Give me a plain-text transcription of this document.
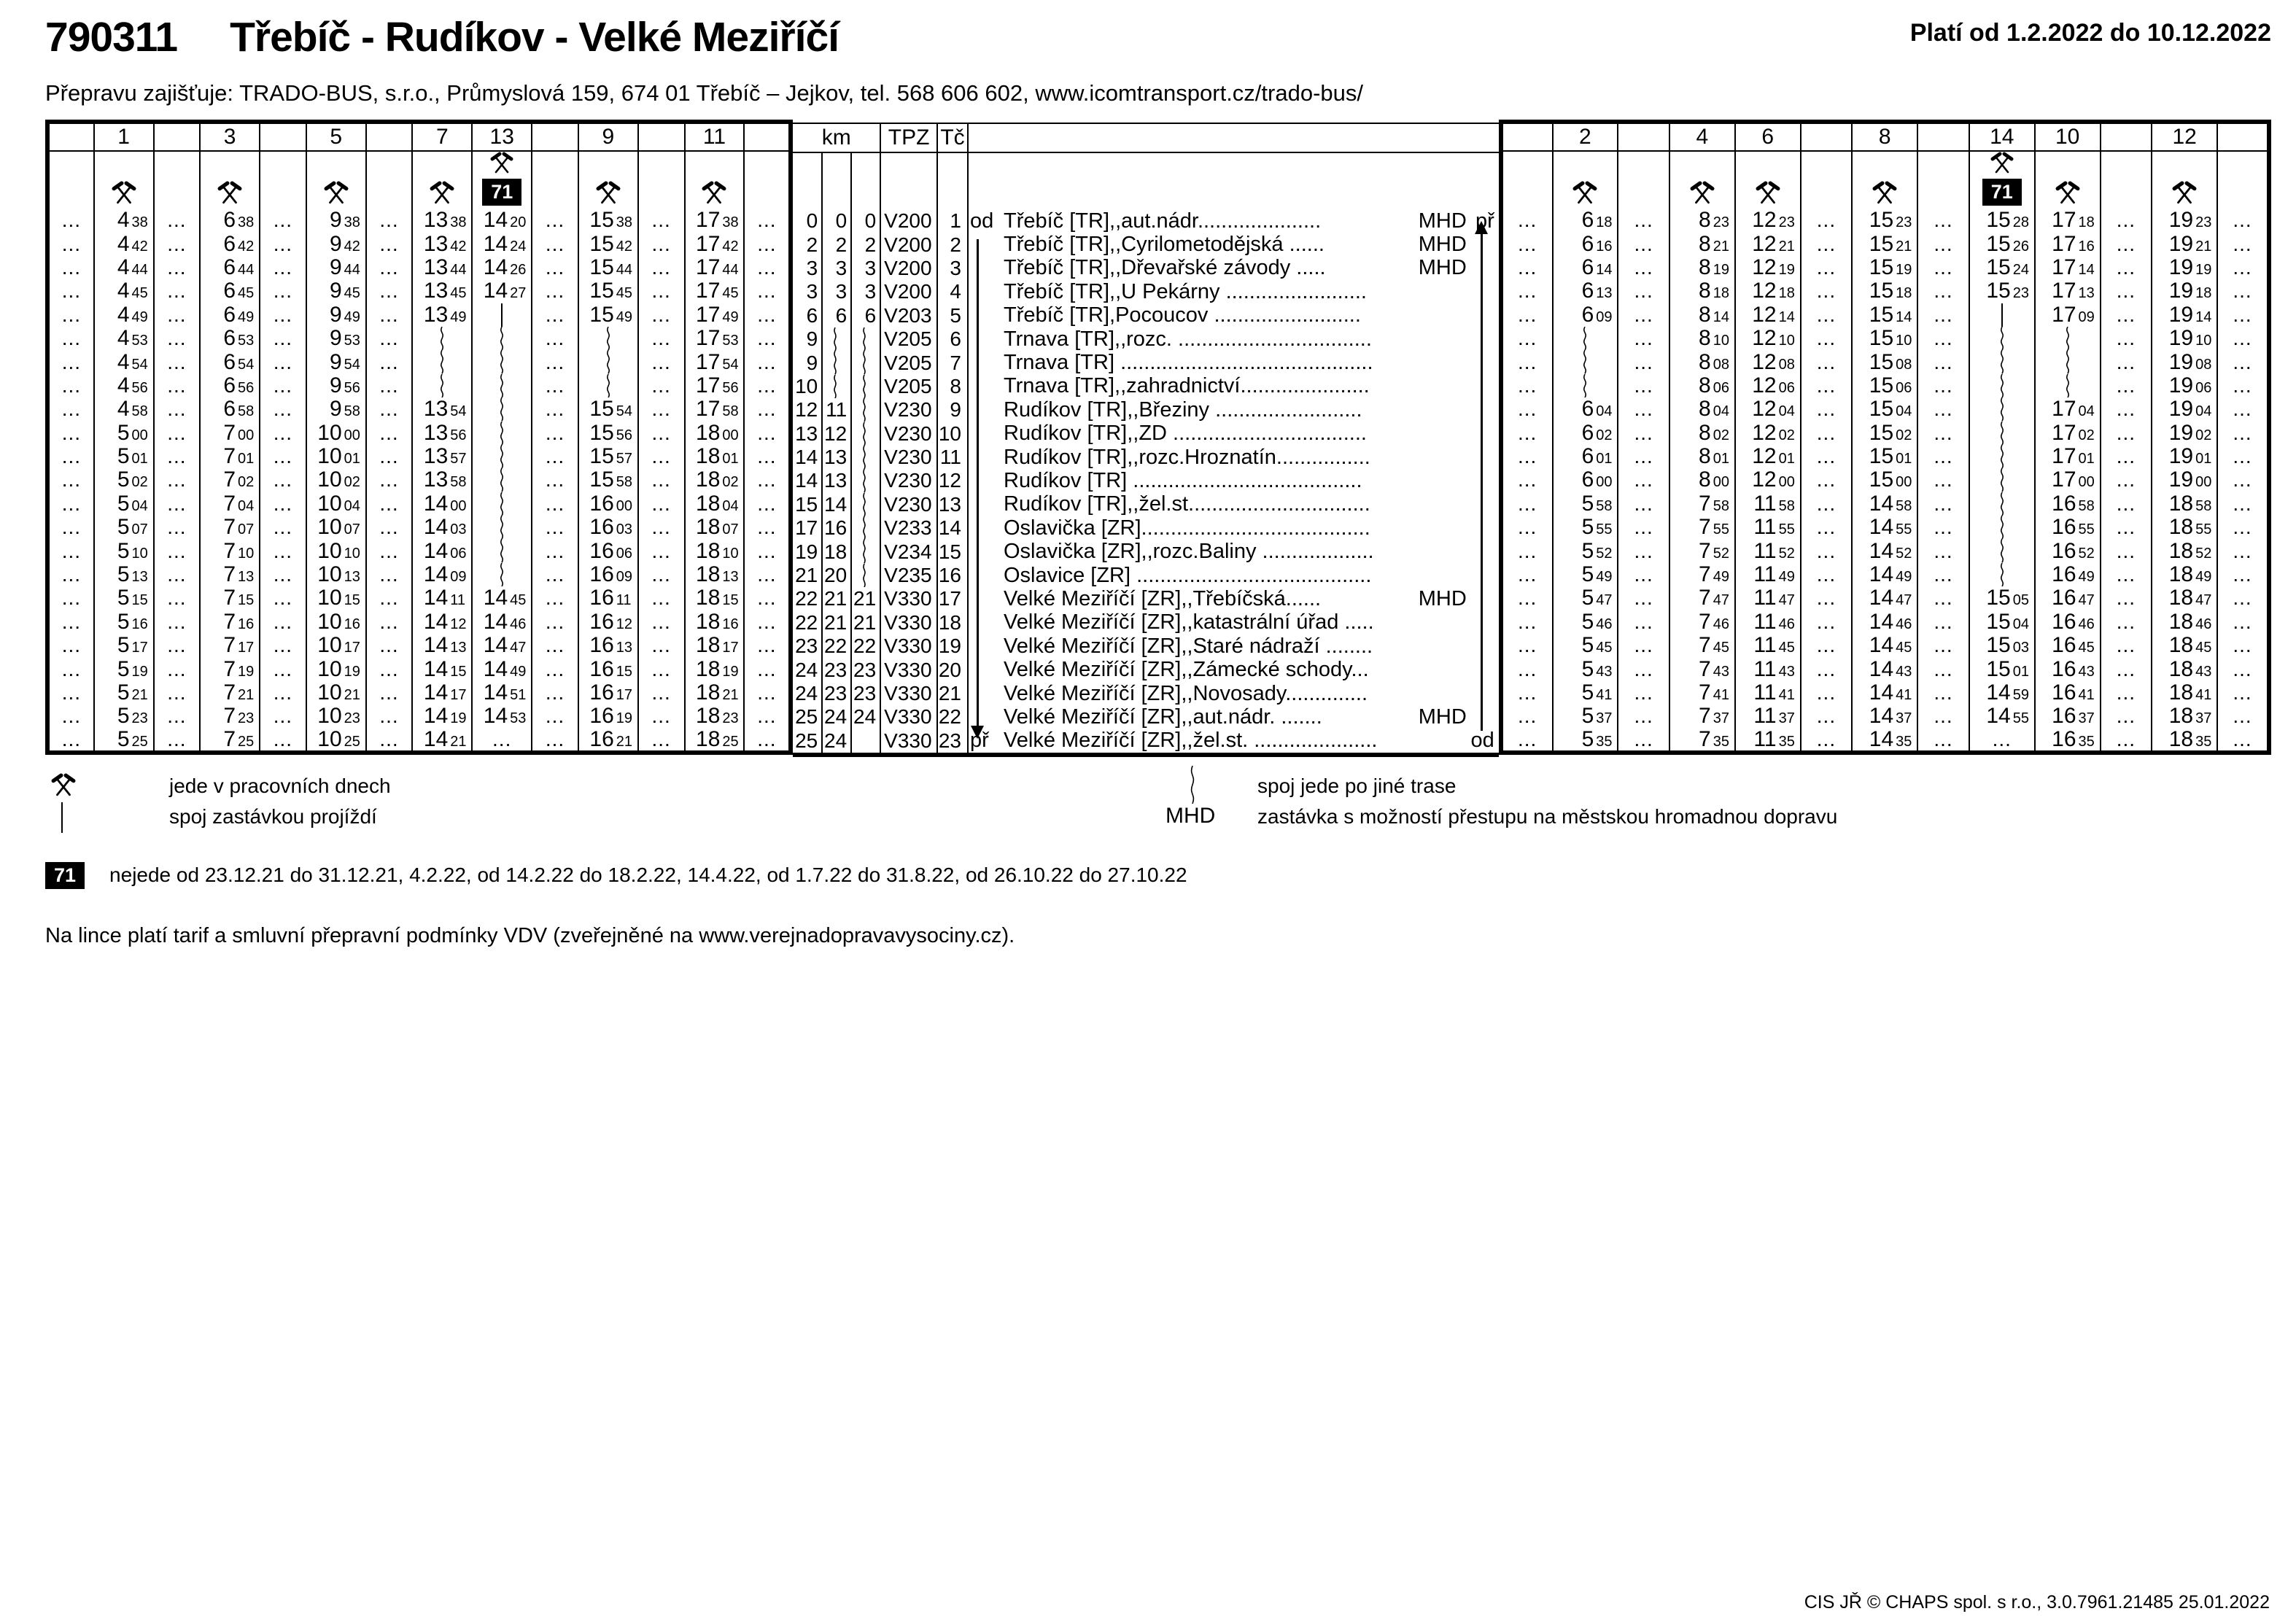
790311 Třebíč - Rudíkov - Velké Meziříčí	Platí od 1.2.2022 do 10.12.2022
Přepravu zajišťuje: TRADO-BUS, s.r.o., Průmyslová 159, 674 01 Třebíč – Jejkov, tel. 568 606 602, www.icomtransport.cz/trado-bus/
	1		3		5		7	13		9		11	

71

...	4 38	...	6 38	...	9 38	...	13 38	14 20	...	15 38	...	17 38	...

...	4 42	...	6 42	...	9 42	...	13 42	14 24	...	15 42	...	17 42	...

...	4 44	...	6 44	...	9 44	...	13 44	14 26	...	15 44	...	17 44	...

...	4 45	...	6 45	...	9 45	...	13 45	14 27	...	15 45	...	17 45	...

...	4 49	...	6 49	...	9 49	...	13 49		...	15 49	...	17 49	...

...	4 53	...	6 53	...	9 53	...			...		...	17 53	...

...	4 54	...	6 54	...	9 54	...			...		...	17 54	...

...	4 56	...	6 56	...	9 56	...			...		...	17 56	...

...	4 58	...	6 58	...	9 58	...	13 54		...	15 54	...	17 58	...

...	5 00	...	7 00	...	10 00	...	13 56		...	15 56	...	18 00	...

...	5 01	...	7 01	...	10 01	...	13 57		...	15 57	...	18 01	...

...	5 02	...	7 02	...	10 02	...	13 58		...	15 58	...	18 02	...

...	5 04	...	7 04	...	10 04	...	14 00		...	16 00	...	18 04	...

...	5 07	...	7 07	...	10 07	...	14 03		...	16 03	...	18 07	...

...	5 10	...	7 10	...	10 10	...	14 06		...	16 06	...	18 10	...

...	5 13	...	7 13	...	10 13	...	14 09		...	16 09	...	18 13	...

...	5 15	...	7 15	...	10 15	...	14 11	14 45	...	16 11	...	18 15	...

...	5 16	...	7 16	...	10 16	...	14 12	14 46	...	16 12	...	18 16	...

...	5 17	...	7 17	...	10 17	...	14 13	14 47	...	16 13	...	18 17	...

...	5 19	...	7 19	...	10 19	...	14 15	14 49	...	16 15	...	18 19	...

...	5 21	...	7 21	...	10 21	...	14 17	14 51	...	16 17	...	18 21	...

...	5 23	...	7 23	...	10 23	...	14 19	14 53	...	16 19	...	18 23	...

...	5 25	...	7 25	...	10 25	...	14 21	...	...	16 21	...	18 25	...
km			TPZ	Tč	

0	0	0	V200	1	od Třebíč [TR],,aut.nádr..................... MHD př

2	2	2	V200	2	Třebíč [TR],,Cyrilometodějská ...... MHD

3	3	3	V200	3	Třebíč [TR],,Dřevařské závody ..... MHD

3	3	3	V200	4	Třebíč [TR],,U Pekárny ........................

6	6	6	V203	5	Třebíč [TR],Pocoucov .........................

9			V205	6	Trnava [TR],,rozc. .................................

9			V205	7	Trnava [TR] ...........................................

10			V205	8	Trnava [TR],,zahradnictví......................

12	11		V230	9	Rudíkov [TR],,Březiny .........................

13	12		V230	10	Rudíkov [TR],,ZD .................................

14	13		V230	11	Rudíkov [TR],,rozc.Hroznatín................

14	13		V230	12	Rudíkov [TR] .......................................

15	14		V230	13	Rudíkov [TR],,žel.st...............................

17	16		V233	14	Oslavička [ZR].......................................

19	18		V234	15	Oslavička [ZR],,rozc.Baliny ...................

21	20		V235	16	Oslavice [ZR] ........................................

22	21	21	V330	17	Velké Meziříčí [ZR],,Třebíčská...... MHD

22	21	21	V330	18	Velké Meziříčí [ZR],,katastrální úřad .....

23	22	22	V330	19	Velké Meziříčí [ZR],,Staré nádraží ........

24	23	23	V330	20	Velké Meziříčí [ZR],,Zámecké schody...

24	23	23	V330	21	Velké Meziříčí [ZR],,Novosady..............

25	24	24	V330	22	Velké Meziříčí [ZR],,aut.nádr. ....... MHD

25	24		V330	23	př Velké Meziříčí [ZR],,žel.st. ..................... od
	2		4	6		8		14	10		12	

71

...	6 18	...	8 23	12 23	...	15 23	...	15 28	17 18	...	19 23	...

...	6 16	...	8 21	12 21	...	15 21	...	15 26	17 16	...	19 21	...

...	6 14	...	8 19	12 19	...	15 19	...	15 24	17 14	...	19 19	...

...	6 13	...	8 18	12 18	...	15 18	...	15 23	17 13	...	19 18	...

...	6 09	...	8 14	12 14	...	15 14	...		17 09	...	19 14	...

...		...	8 10	12 10	...	15 10	...			...	19 10	...

...		...	8 08	12 08	...	15 08	...			...	19 08	...

...		...	8 06	12 06	...	15 06	...			...	19 06	...

...	6 04	...	8 04	12 04	...	15 04	...		17 04	...	19 04	...

...	6 02	...	8 02	12 02	...	15 02	...		17 02	...	19 02	...

...	6 01	...	8 01	12 01	...	15 01	...		17 01	...	19 01	...

...	6 00	...	8 00	12 00	...	15 00	...		17 00	...	19 00	...

...	5 58	...	7 58	11 58	...	14 58	...		16 58	...	18 58	...

...	5 55	...	7 55	11 55	...	14 55	...		16 55	...	18 55	...

...	5 52	...	7 52	11 52	...	14 52	...		16 52	...	18 52	...

...	5 49	...	7 49	11 49	...	14 49	...		16 49	...	18 49	...

...	5 47	...	7 47	11 47	...	14 47	...	15 05	16 47	...	18 47	...

...	5 46	...	7 46	11 46	...	14 46	...	15 04	16 46	...	18 46	...

...	5 45	...	7 45	11 45	...	14 45	...	15 03	16 45	...	18 45	...

...	5 43	...	7 43	11 43	...	14 43	...	15 01	16 43	...	18 43	...

...	5 41	...	7 41	11 41	...	14 41	...	14 59	16 41	...	18 41	...

...	5 37	...	7 37	11 37	...	14 37	...	14 55	16 37	...	18 37	...

...	5 35	...	7 35	11 35	...	14 35	...	...	16 35	...	18 35	...
jede v pracovních dnech
spoj zastávkou projíždí
spoj jede po jiné trase
MHD zastávka s možností přestupu na městskou hromadnou dopravu
71	nejede od 23.12.21 do 31.12.21, 4.2.22, od 14.2.22 do 18.2.22, 14.4.22, od 1.7.22 do 31.8.22, od 26.10.22 do 27.10.22
Na lince platí tarif a smluvní přepravní podmínky VDV (zveřejněné na www.verejnadopravavysociny.cz).
CIS JŘ © CHAPS spol. s r.o., 3.0.7961.21485 25.01.2022
